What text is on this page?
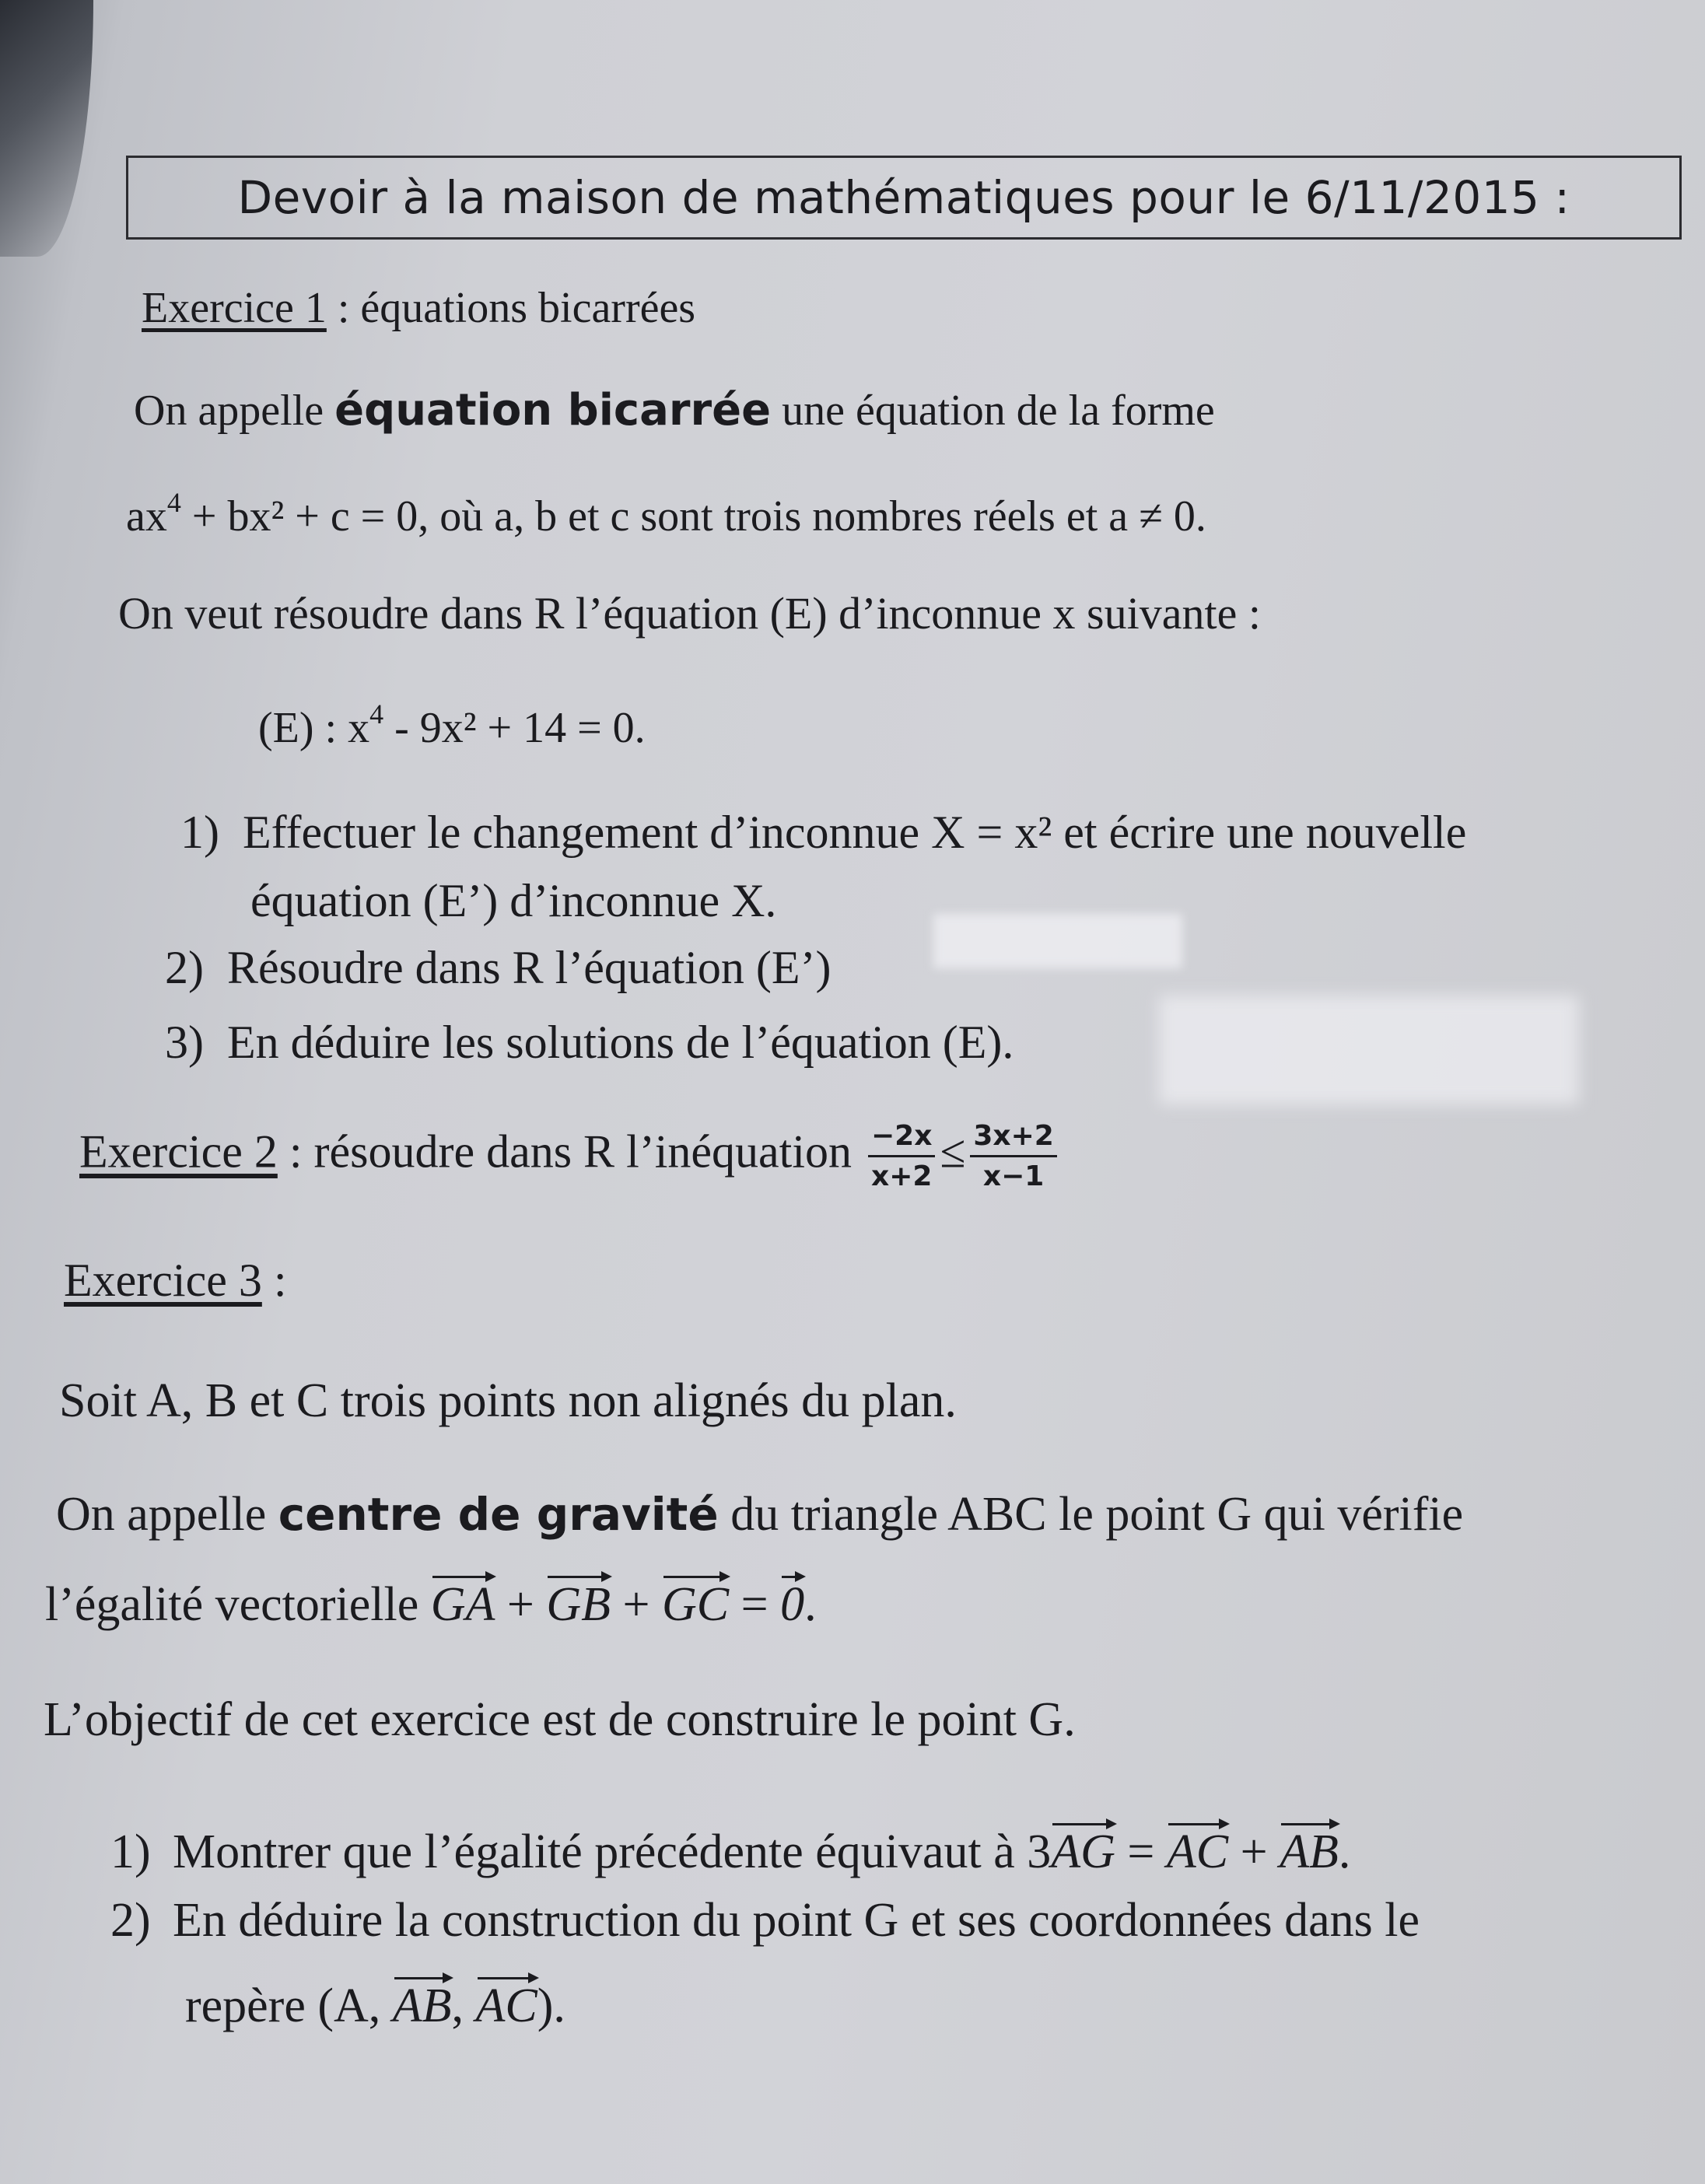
Devoir à la maison de mathématiques pour le 6/11/2015 :
Exercice 1 : équations bicarrées
On appelle équation bicarrée une équation de la forme
$ax^4 + bx^2 + c = 0$, où a, b et c sont trois nombres réels et a ≠ 0.
On veut résoudre dans R l’équation (E) d’inconnue x suivante :
(E) : $x^4 - 9x^2 + 14 = 0$.
1) Effectuer le changement d’inconnue X = x² et écrire une nouvelle
équation (E’) d’inconnue X.
2) Résoudre dans R l’équation (E’)
3) En déduire les solutions de l’équation (E).
Exercice 2 : résoudre dans R l’inéquation $\frac{-2x}{x+2} \le \frac{3x+2}{x-1}$
Exercice 3 :
Soit A, B et C trois points non alignés du plan.
On appelle centre de gravité du triangle ABC le point G qui vérifie
l’égalité vectorielle GA + GB + GC = 0.
L’objectif de cet exercice est de construire le point G.
1) Montrer que l’égalité précédente équivaut à 3AG = AC + AB.
2) En déduire la construction du point G et ses coordonnées dans le
repère (A, AB, AC).
